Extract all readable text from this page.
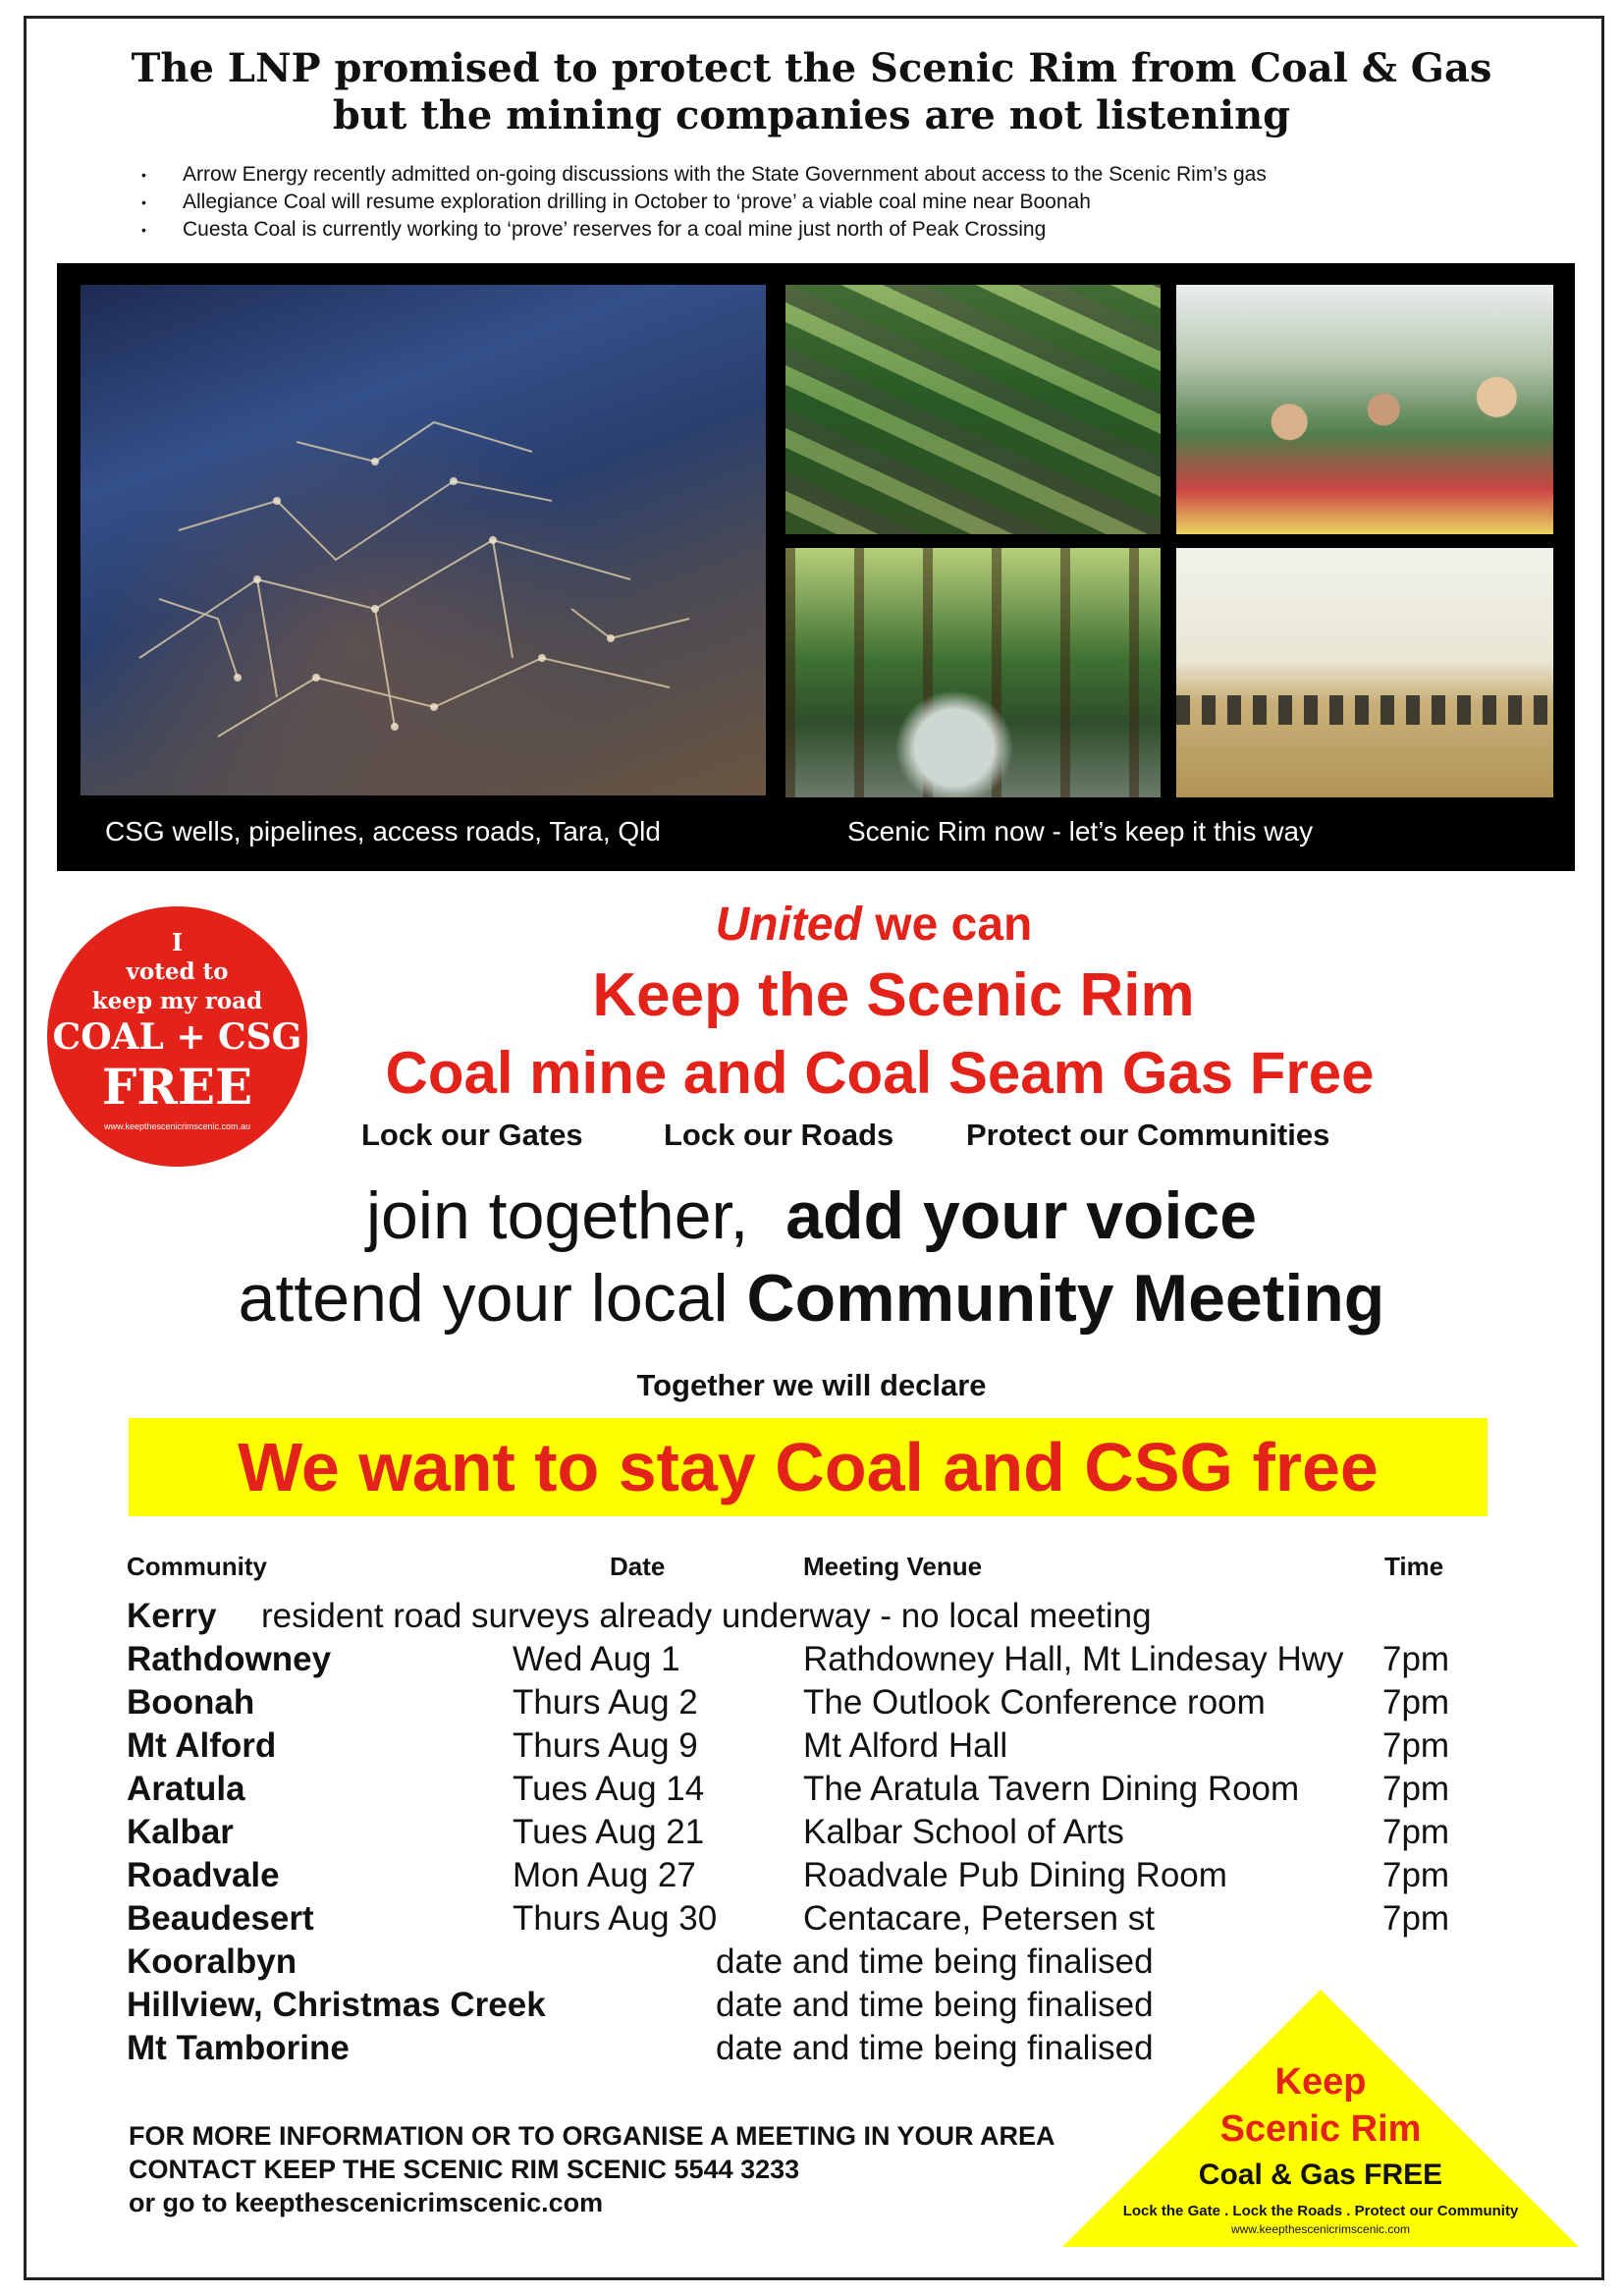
The LNP promised to protect the Scenic Rim from Coal & Gas
but the mining companies are not listening
• Arrow Energy recently admitted on-going discussions with the State Government about access to the Scenic Rim’s gas
• Allegiance Coal will resume exploration drilling in October to ‘prove’ a viable coal mine near Boonah
• Cuesta Coal is currently working to ‘prove’ reserves for a coal mine just north of Peak Crossing
CSG wells, pipelines, access roads, Tara, Qld	Scenic Rim now - let’s keep it this way
I
voted to
keep my road
COAL + CSG
FREE
www.keepthescenicrimscenic.com.au
United we can
Keep the Scenic Rim
Coal mine and Coal Seam Gas Free
Lock our Gates	Lock our Roads Protect our Communities
join together,  add your voice
attend your local Community Meeting
Together we will declare
We want to stay Coal and CSG free
Community	Date	Meeting Venue	Time
Kerry resident road surveys already underway - no local meeting
Rathdowney	Wed Aug 1	Rathdowney Hall, Mt Lindesay Hwy 7pm
Boonah	Thurs Aug 2	The Outlook Conference room	7pm
Mt Alford	Thurs Aug 9	Mt Alford Hall	7pm
Aratula	Tues Aug 14	The Aratula Tavern Dining Room 7pm
Kalbar	Tues Aug 21	Kalbar School of Arts	7pm
Roadvale	Mon Aug 27	Roadvale Pub Dining Room	7pm
Beaudesert	Thurs Aug 30	Centacare, Petersen st	7pm
Kooralbyn	date and time being finalised
Hillview, Christmas Creek	date and time being finalised
Mt Tamborine	date and time being finalised
FOR MORE INFORMATION OR TO ORGANISE A MEETING IN YOUR AREA
CONTACT KEEP THE SCENIC RIM SCENIC 5544 3233
or go to keepthescenicrimscenic.com
Keep
Scenic Rim
Coal & Gas FREE
Lock the Gate . Lock the Roads . Protect our Community
www.keepthescenicrimscenic.com
